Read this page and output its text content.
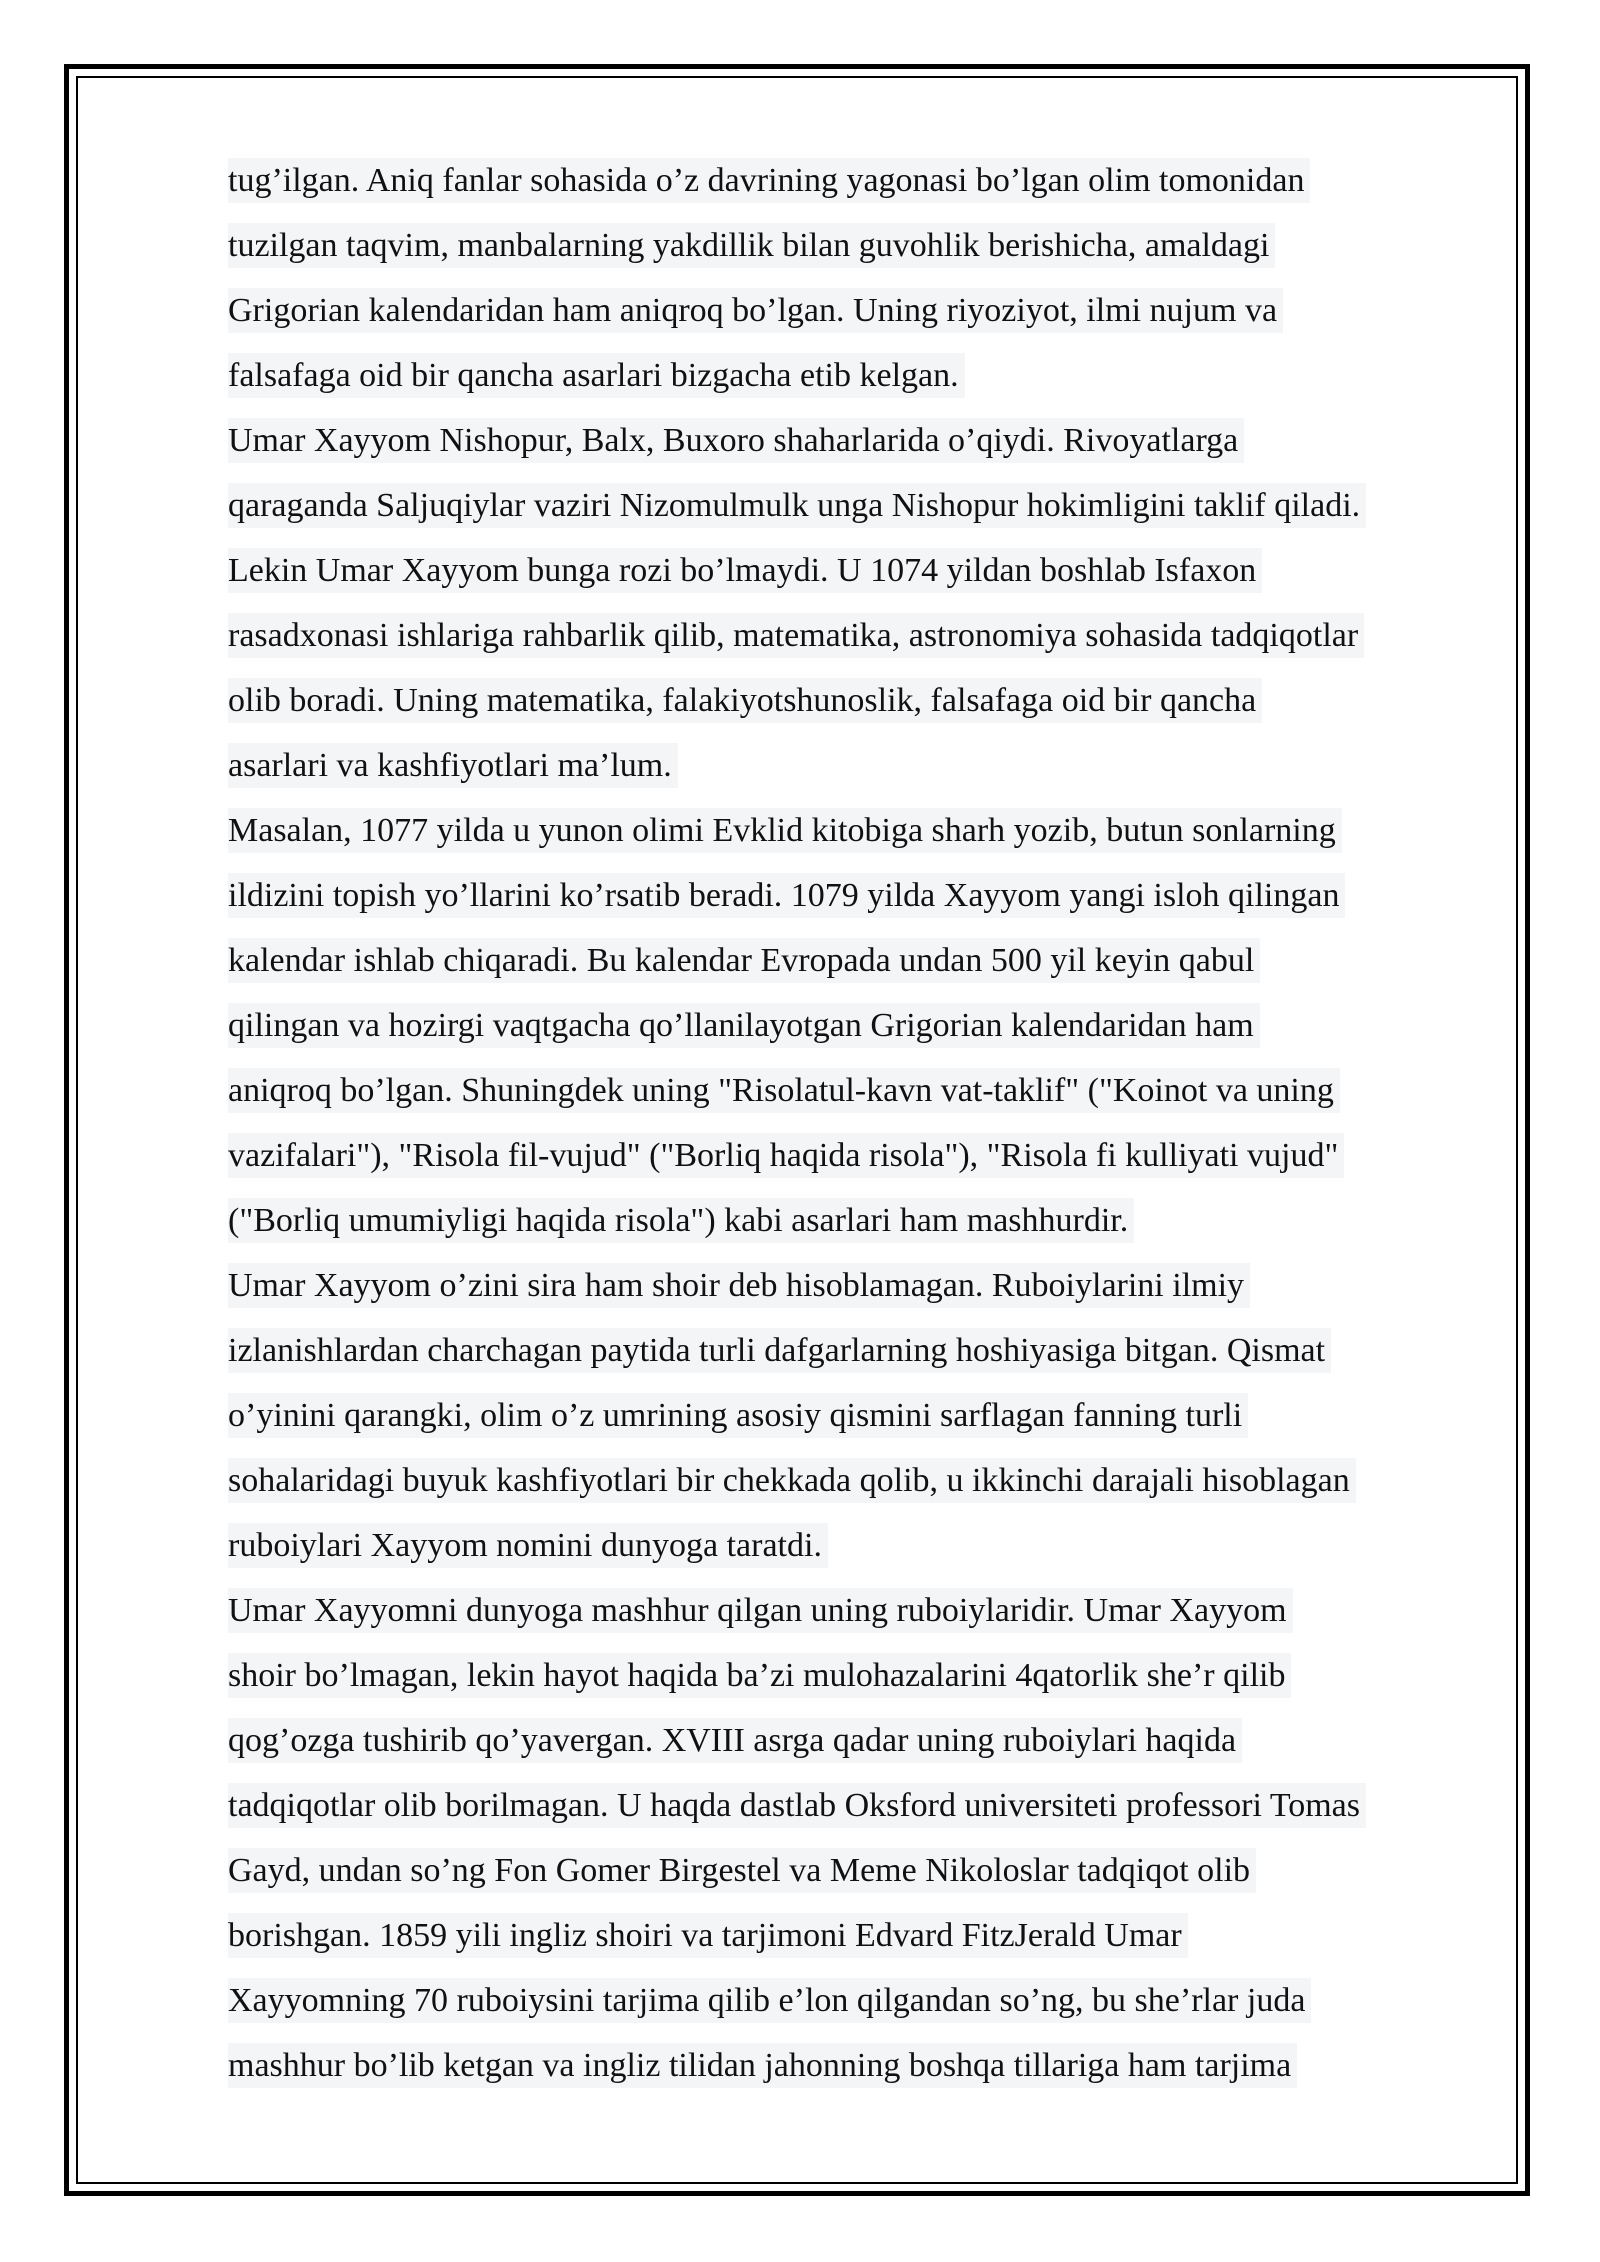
tug’ilgan. Aniq fanlar sohasida o’z davrining yagonasi bo’lgan olim tomonidan
tuzilgan taqvim, manbalarning yakdillik bilan guvohlik berishicha, amaldagi
Grigorian kalendaridan ham aniqroq bo’lgan. Uning riyoziyot, ilmi nujum va
falsafaga oid bir qancha asarlari bizgacha etib kelgan.
Umar Xayyom Nishopur, Balx, Buxoro shaharlarida o’qiydi. Rivoyatlarga
qaraganda Saljuqiylar vaziri Nizomulmulk unga Nishopur hokimligini taklif qiladi.
Lekin Umar Xayyom bunga rozi bo’lmaydi. U 1074 yildan boshlab Isfaxon
rasadxonasi ishlariga rahbarlik qilib, matematika, astronomiya sohasida tadqiqotlar
olib boradi. Uning matematika, falakiyotshunoslik, falsafaga oid bir qancha
asarlari va kashfiyotlari ma’lum.
Masalan, 1077 yilda u yunon olimi Evklid kitobiga sharh yozib, butun sonlarning
ildizini topish yo’llarini ko’rsatib beradi. 1079 yilda Xayyom yangi isloh qilingan
kalendar ishlab chiqaradi. Bu kalendar Evropada undan 500 yil keyin qabul
qilingan va hozirgi vaqtgacha qo’llanilayotgan Grigorian kalendaridan ham
aniqroq bo’lgan. Shuningdek uning "Risolatul-kavn vat-taklif" ("Koinot va uning
vazifalari"), "Risola fil-vujud" ("Borliq haqida risola"), "Risola fi kulliyati vujud"
("Borliq umumiyligi haqida risola") kabi asarlari ham mashhurdir.
Umar Xayyom o’zini sira ham shoir deb hisoblamagan. Ruboiylarini ilmiy
izlanishlardan charchagan paytida turli dafgarlarning hoshiyasiga bitgan. Qismat
o’yinini qarangki, olim o’z umrining asosiy qismini sarflagan fanning turli
sohalaridagi buyuk kashfiyotlari bir chekkada qolib, u ikkinchi darajali hisoblagan
ruboiylari Xayyom nomini dunyoga taratdi.
Umar Xayyomni dunyoga mashhur qilgan uning ruboiylaridir. Umar Xayyom
shoir bo’lmagan, lekin hayot haqida ba’zi mulohazalarini 4qatorlik she’r qilib
qog’ozga tushirib qo’yavergan. XVIII asrga qadar uning ruboiylari haqida
tadqiqotlar olib borilmagan. U haqda dastlab Oksford universiteti professori Tomas
Gayd, undan so’ng Fon Gomer Birgestel va Meme Nikoloslar tadqiqot olib
borishgan. 1859 yili ingliz shoiri va tarjimoni Edvard FitzJerald Umar
Xayyomning 70 ruboiysini tarjima qilib e’lon qilgandan so’ng, bu she’rlar juda
mashhur bo’lib ketgan va ingliz tilidan jahonning boshqa tillariga ham tarjima
